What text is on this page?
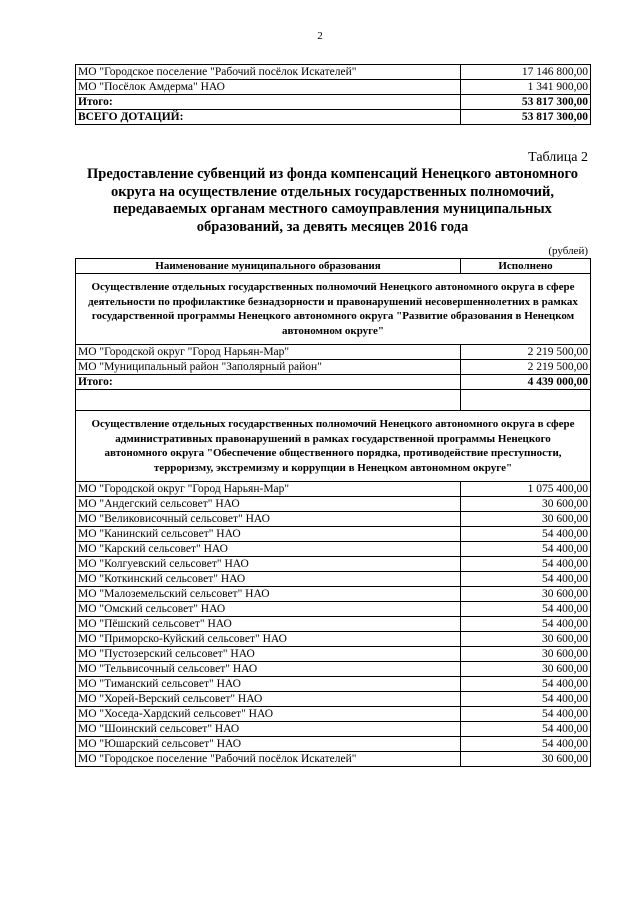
2
МО "Городское поселение "Рабочий посёлок Искателей"	17 146 800,00
МО "Посёлок Амдерма" НАО	1 341 900,00
Итого:	53 817 300,00
ВСЕГО ДОТАЦИЙ:	53 817 300,00
Таблица 2
Предоставление субвенций из фонда компенсаций Ненецкого автономного округа на осуществление отдельных государственных полномочий, передаваемых органам местного самоуправления муниципальных образований, за девять месяцев 2016 года
(рублей)
Наименование муниципального образования	Исполнено
Осуществление отдельных государственных полномочий Ненецкого автономного округа в сфере деятельности по профилактике безнадзорности и правонарушений несовершеннолетних в рамках государственной программы Ненецкого автономного округа "Развитие образования в Ненецком автономном округе"	
МО "Городской округ "Город Нарьян-Мар"	2 219 500,00
МО "Муниципальный район "Заполярный район"	2 219 500,00
Итого:	4 439 000,00

Осуществление отдельных государственных полномочий Ненецкого автономного округа в сфере административных правонарушений в рамках государственной программы Ненецкого автономного округа "Обеспечение общественного порядка, противодействие преступности, терроризму, экстремизму и коррупции в Ненецком автономном округе"	
МО "Городской округ "Город Нарьян-Мар"	1 075 400,00
МО "Андегский сельсовет" НАО	30 600,00
МО "Великовисочный сельсовет" НАО	30 600,00
МО "Канинский сельсовет" НАО	54 400,00
МО "Карский сельсовет" НАО	54 400,00
МО "Колгуевский сельсовет" НАО	54 400,00
МО "Коткинский сельсовет" НАО	54 400,00
МО "Малоземельский сельсовет" НАО	30 600,00
МО "Омский сельсовет" НАО	54 400,00
МО "Пёшский сельсовет" НАО	54 400,00
МО "Приморско-Куйский сельсовет" НАО	30 600,00
МО "Пустозерский сельсовет" НАО	30 600,00
МО "Тельвисочный сельсовет" НАО	30 600,00
МО "Тиманский сельсовет" НАО	54 400,00
МО "Хорей-Верский сельсовет" НАО	54 400,00
МО "Хоседа-Хардский сельсовет" НАО	54 400,00
МО "Шоинский сельсовет" НАО	54 400,00
МО "Юшарский сельсовет" НАО	54 400,00
МО "Городское поселение "Рабочий посёлок Искателей"	30 600,00
